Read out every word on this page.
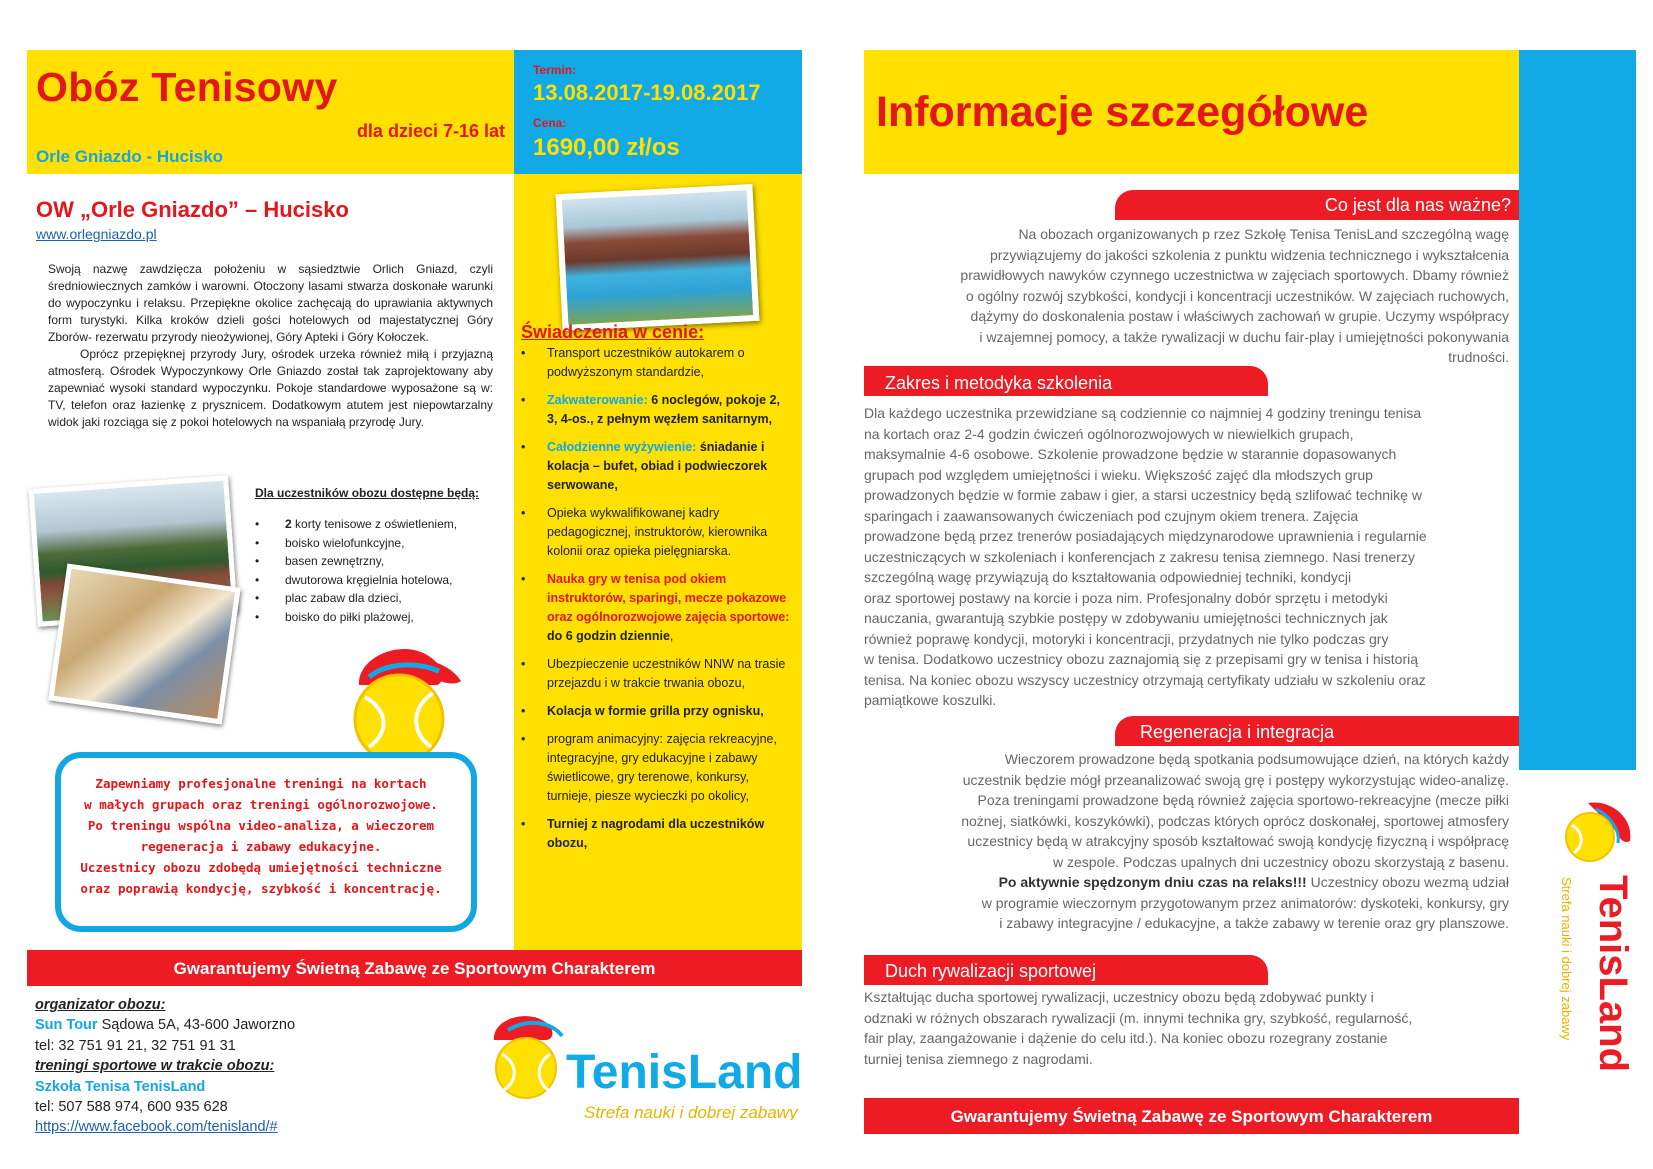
Obóz Tenisowy
dla dzieci 7-16 lat
Orle Gniazdo - Hucisko
Termin:
13.08.2017-19.08.2017
Cena:
1690,00 zł/os
OW „Orle Gniazdo” – Hucisko
www.orlegniazdo.pl

Swoją nazwę zawdzięcza położeniu w sąsiedztwie Orlich Gniazd, czyli średniowiecznych zamków i warowni. Otoczony lasami stwarza doskonałe warunki do wypoczynku i relaksu. Przepiękne okolice zachęcają do uprawiania aktywnych form turystyki. Kilka kroków dzieli gości hotelowych od majestatycznej Góry Zborów- rezerwatu przyrody nieożywionej, Góry Apteki i Góry Kołoczek.

Oprócz przepięknej przyrody Jury, ośrodek urzeka również miłą i przyjazną atmosferą. Ośrodek Wypoczynkowy Orle Gniazdo został tak zaprojektowany aby zapewniać wysoki standard wypoczynku. Pokoje standardowe wyposażone są w: TV, telefon oraz łazienkę z prysznicem. Dodatkowym atutem jest niepowtarzalny widok jaki rozciąga się z pokoi hotelowych na wspaniałą przyrodę Jury.

Dla uczestników obozu dostępne będą:
• 2 korty tenisowe z oświetleniem,
• boisko wielofunkcyjne,
• basen zewnętrzny,
• dwutorowa kręgielnia hotelowa,
• plac zabaw dla dzieci,
• boisko do piłki plażowej,
Zapewniamy profesjonalne treningi na kortach
w małych grupach oraz treningi ogólnorozwojowe.
Po treningu wspólna video-analiza, a wieczorem
regeneracja i zabawy edukacyjne.
Uczestnicy obozu zdobędą umiejętności techniczne
oraz poprawią kondycję, szybkość i koncentrację.
Świadczenia w cenie:
• Transport uczestników autokarem o podwyższonym standardzie,
• Zakwaterowanie: 6 noclegów, pokoje 2, 3, 4-os., z pełnym węzłem sanitarnym,
• Całodzienne wyżywienie: śniadanie i kolacja – bufet, obiad i podwieczorek serwowane,
• Opieka wykwalifikowanej kadry pedagogicznej, instruktorów, kierownika kolonii oraz opieka pielęgniarska.
• Nauka gry w tenisa pod okiem instruktorów, sparingi, mecze pokazowe oraz ogólnorozwojowe zajęcia sportowe: do 6 godzin dziennie,
• Ubezpieczenie uczestników NNW na trasie przejazdu i w trakcie trwania obozu,
• Kolacja w formie grilla przy ognisku,
• program animacyjny: zajęcia rekreacyjne, integracyjne, gry edukacyjne i zabawy świetlicowe, gry terenowe, konkursy, turnieje, piesze wycieczki po okolicy,
• Turniej z nagrodami dla uczestników obozu,
Gwarantujemy Świetną Zabawę ze Sportowym Charakterem
organizator obozu:
Sun Tour Sądowa 5A, 43-600 Jaworzno
tel: 32 751 91 21, 32 751 91 31
treningi sportowe w trakcie obozu:
Szkoła Tenisa TenisLand
tel: 507 588 974, 600 935 628
https://www.facebook.com/tenisland/#
TenisLand
Strefa nauki i dobrej zabawy
Informacje szczegółowe
Co jest dla nas ważne?
Na obozach organizowanych p rzez Szkołę Tenisa TenisLand szczególną wagę
przywiązujemy do jakości szkolenia z punktu widzenia technicznego i wykształcenia
prawidłowych nawyków czynnego uczestnictwa w zajęciach sportowych. Dbamy również
o ogólny rozwój szybkości, kondycji i koncentracji uczestników. W zajęciach ruchowych,
dążymy do doskonalenia postaw i właściwych zachowań w grupie. Uczymy współpracy
i wzajemnej pomocy, a także rywalizacji w duchu fair-play i umiejętności pokonywania
trudności.
Zakres i metodyka szkolenia
Dla każdego uczestnika przewidziane są codziennie co najmniej 4 godziny treningu tenisa
na kortach oraz 2-4 godzin ćwiczeń ogólnorozwojowych w niewielkich grupach,
maksymalnie 4-6 osobowe. Szkolenie prowadzone będzie w starannie dopasowanych
grupach pod względem umiejętności i wieku. Większość zajęć dla młodszych grup
prowadzonych będzie w formie zabaw i gier, a starsi uczestnicy będą szlifować technikę w
sparingach i zaawansowanych ćwiczeniach pod czujnym okiem trenera. Zajęcia
prowadzone będą przez trenerów posiadających międzynarodowe uprawnienia i regularnie
uczestniczących w szkoleniach i konferencjach z zakresu tenisa ziemnego. Nasi trenerzy
szczególną wagę przywiązują do kształtowania odpowiedniej techniki, kondycji
oraz sportowej postawy na korcie i poza nim. Profesjonalny dobór sprzętu i metodyki
nauczania, gwarantują szybkie postępy w zdobywaniu umiejętności technicznych jak
również poprawę kondycji, motoryki i koncentracji, przydatnych nie tylko podczas gry
w tenisa. Dodatkowo uczestnicy obozu zaznajomią się z przepisami gry w tenisa i historią
tenisa. Na koniec obozu wszyscy uczestnicy otrzymają certyfikaty udziału w szkoleniu oraz
pamiątkowe koszulki.
Regeneracja i integracja
Wieczorem prowadzone będą spotkania podsumowujące dzień, na których każdy
uczestnik będzie mógł przeanalizować swoją grę i postępy wykorzystując wideo-analizę.
Poza treningami prowadzone będą również zajęcia sportowo-rekreacyjne (mecze piłki
nożnej, siatkówki, koszykówki), podczas których oprócz doskonałej, sportowej atmosfery
uczestnicy będą w atrakcyjny sposób kształtować swoją kondycję fizyczną i współpracę
w zespole. Podczas upalnych dni uczestnicy obozu skorzystają z basenu.
Po aktywnie spędzonym dniu czas na relaks!!! Uczestnicy obozu wezmą udział
w programie wieczornym przygotowanym przez animatorów: dyskoteki, konkursy, gry
i zabawy integracyjne / edukacyjne, a także zabawy w terenie oraz gry planszowe.
Duch rywalizacji sportowej
Kształtując ducha sportowej rywalizacji, uczestnicy obozu będą zdobywać punkty i
odznaki w różnych obszarach rywalizacji (m. innymi technika gry, szybkość, regularność,
fair play, zaangażowanie i dążenie do celu itd.). Na koniec obozu rozegrany zostanie
turniej tenisa ziemnego z nagrodami.
Gwarantujemy Świetną Zabawę ze Sportowym Charakterem
TenisLand
Strefa nauki i dobrej zabawy
